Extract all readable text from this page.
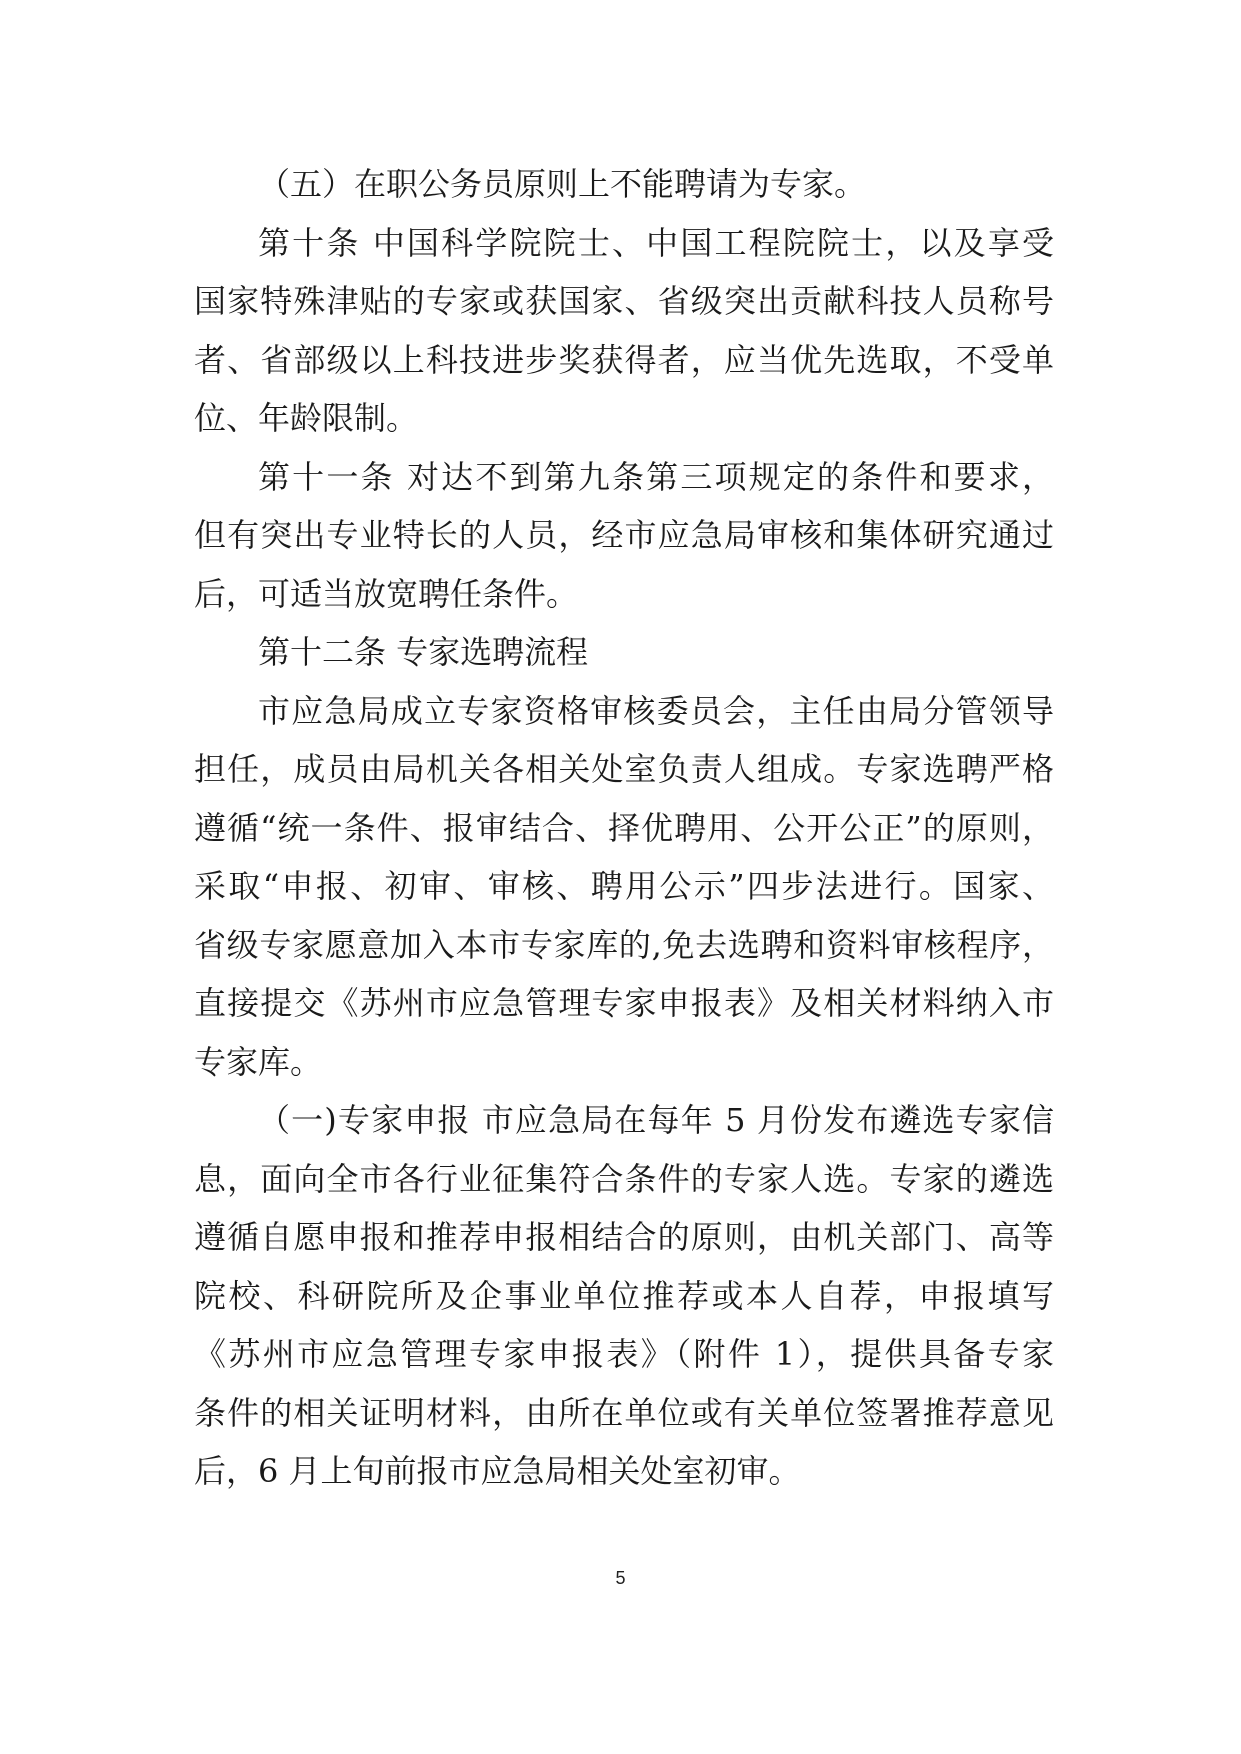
（五）在职公务员原则上不能聘请为专家。
第十条 中国科学院院士、中国工程院院士，以及享受
国家特殊津贴的专家或获国家、省级突出贡献科技人员称号
者、省部级以上科技进步奖获得者，应当优先选取，不受单
位、年龄限制。
第十一条 对达不到第九条第三项规定的条件和要求，
但有突出专业特长的人员，经市应急局审核和集体研究通过
后，可适当放宽聘任条件。
第十二条 专家选聘流程
市应急局成立专家资格审核委员会，主任由局分管领导
担任，成员由局机关各相关处室负责人组成。专家选聘严格
遵循“统一条件、报审结合、择优聘用、公开公正”的原则，
采取“申报、初审、审核、聘用公示”四步法进行。国家、
省级专家愿意加入本市专家库的,免去选聘和资料审核程序，
直接提交《苏州市应急管理专家申报表》及相关材料纳入市
专家库。
（一)专家申报 市应急局在每年 5 月份发布遴选专家信
息，面向全市各行业征集符合条件的专家人选。专家的遴选
遵循自愿申报和推荐申报相结合的原则，由机关部门、高等
院校、科研院所及企事业单位推荐或本人自荐，申报填写
《苏州市应急管理专家申报表》（附件 1），提供具备专家
条件的相关证明材料，由所在单位或有关单位签署推荐意见
后，6 月上旬前报市应急局相关处室初审。
5
